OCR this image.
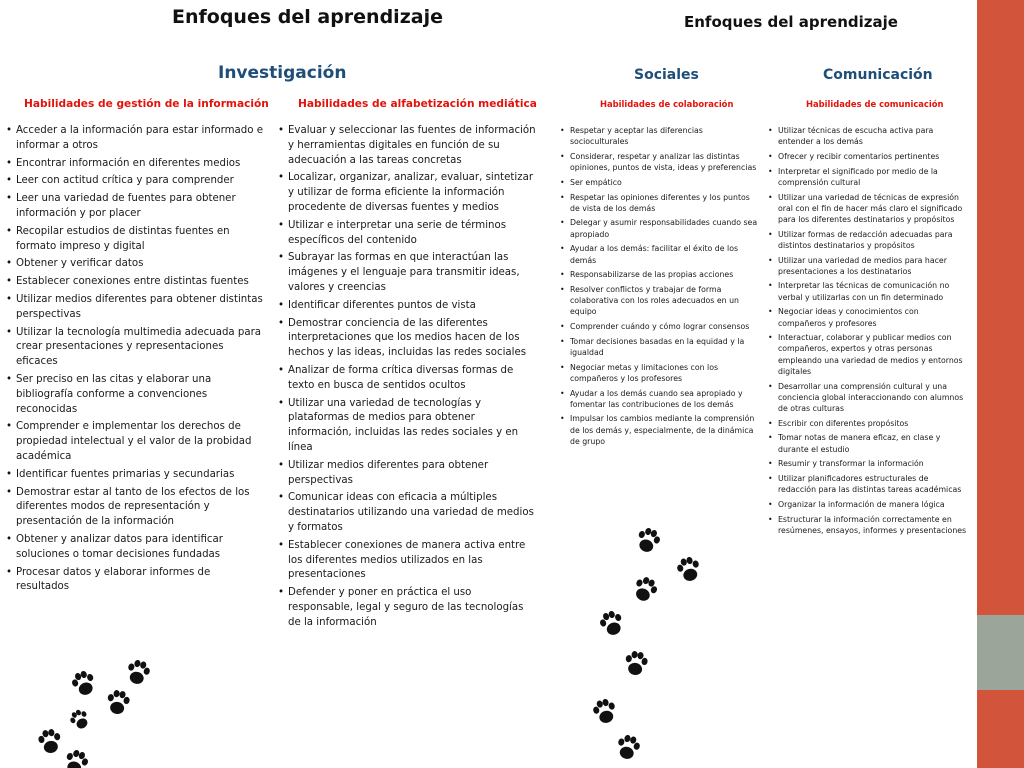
Enfoques del aprendizaje
Investigación
Habilidades de gestión de la información	Habilidades de alfabetización mediática
• Acceder a la información para estar informado e informar a otros
• Encontrar información en diferentes medios
• Leer con actitud crítica y para comprender
• Leer una variedad de fuentes para obtener información y por placer
• Recopilar estudios de distintas fuentes en formato impreso y digital
• Obtener y verificar datos
• Establecer conexiones entre distintas fuentes
• Utilizar medios diferentes para obtener distintas perspectivas
• Utilizar la tecnología multimedia adecuada para crear presentaciones y representaciones eficaces
• Ser preciso en las citas y elaborar una bibliografía conforme a convenciones reconocidas
• Comprender e implementar los derechos de propiedad intelectual y el valor de la probidad académica
• Identificar fuentes primarias y secundarias
• Demostrar estar al tanto de los efectos de los diferentes modos de representación y presentación de la información
• Obtener y analizar datos para identificar soluciones o tomar decisiones fundadas
• Procesar datos y elaborar informes de resultados
• Evaluar y seleccionar las fuentes de información y herramientas digitales en función de su adecuación a las tareas concretas
• Localizar, organizar, analizar, evaluar, sintetizar y utilizar de forma eficiente la información procedente de diversas fuentes y medios
• Utilizar e interpretar una serie de términos específicos del contenido
• Subrayar las formas en que interactúan las imágenes y el lenguaje para transmitir ideas, valores y creencias
• Identificar diferentes puntos de vista
• Demostrar conciencia de las diferentes interpretaciones que los medios hacen de los hechos y las ideas, incluidas las redes sociales
• Analizar de forma crítica diversas formas de texto en busca de sentidos ocultos
• Utilizar una variedad de tecnologías y plataformas de medios para obtener información, incluidas las redes sociales y en línea
• Utilizar medios diferentes para obtener perspectivas
• Comunicar ideas con eficacia a múltiples destinatarios utilizando una variedad de medios y formatos
• Establecer conexiones de manera activa entre los diferentes medios utilizados en las presentaciones
• Defender y poner en práctica el uso responsable, legal y seguro de las tecnologías de la información
Enfoques del aprendizaje
Sociales	Comunicación
Habilidades de colaboración	Habilidades de comunicación
• Respetar y aceptar las diferencias socioculturales
• Considerar, respetar y analizar las distintas opiniones, puntos de vista, ideas y preferencias
• Ser empático
• Respetar las opiniones diferentes y los puntos de vista de los demás
• Delegar y asumir responsabilidades cuando sea apropiado
• Ayudar a los demás: facilitar el éxito de los demás
• Responsabilizarse de las propias acciones
• Resolver conflictos y trabajar de forma colaborativa con los roles adecuados en un equipo
• Comprender cuándo y cómo lograr consensos
• Tomar decisiones basadas en la equidad y la igualdad
• Negociar metas y limitaciones con los compañeros y los profesores
• Ayudar a los demás cuando sea apropiado y fomentar las contribuciones de los demás
• Impulsar los cambios mediante la comprensión de los demás y, especialmente, de la dinámica de grupo
• Utilizar técnicas de escucha activa para entender a los demás
• Ofrecer y recibir comentarios pertinentes
• Interpretar el significado por medio de la comprensión cultural
• Utilizar una variedad de técnicas de expresión oral con el fin de hacer más claro el significado para los diferentes destinatarios y propósitos
• Utilizar formas de redacción adecuadas para distintos destinatarios y propósitos
• Utilizar una variedad de medios para hacer presentaciones a los destinatarios
• Interpretar las técnicas de comunicación no verbal y utilizarlas con un fin determinado
• Negociar ideas y conocimientos con compañeros y profesores
• Interactuar, colaborar y publicar medios con compañeros, expertos y otras personas empleando una variedad de medios y entornos digitales
• Desarrollar una comprensión cultural y una conciencia global interaccionando con alumnos de otras culturas
• Escribir con diferentes propósitos
• Tomar notas de manera eficaz, en clase y durante el estudio
• Resumir y transformar la información
• Utilizar planificadores estructurales de redacción para las distintas tareas académicas
• Organizar la información de manera lógica
• Estructurar la información correctamente en resúmenes, ensayos, informes y presentaciones
